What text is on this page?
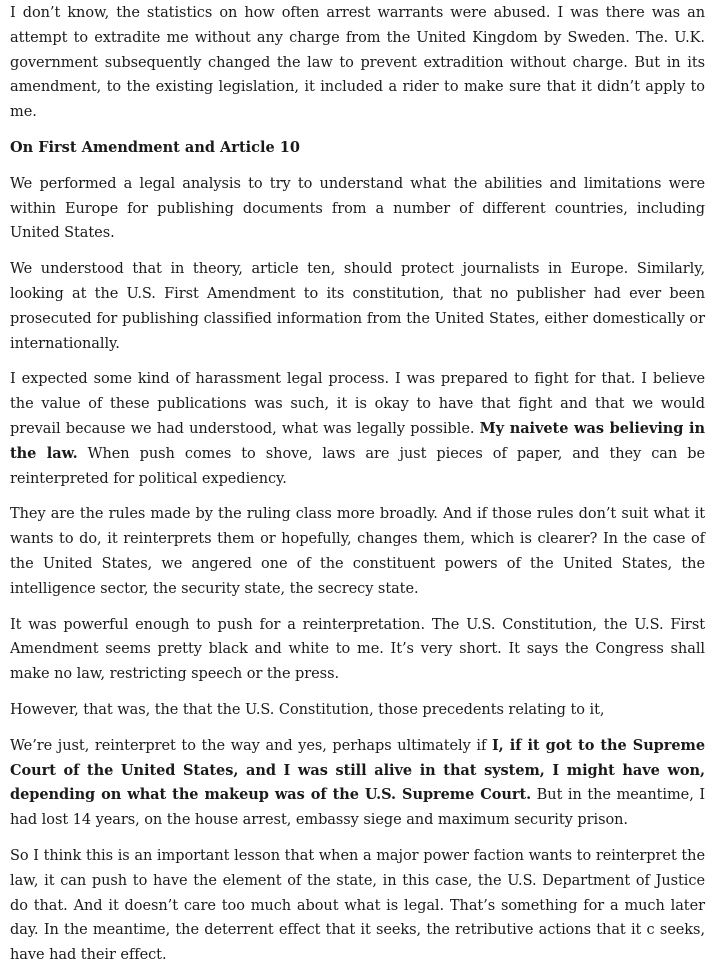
I don’t know, the statistics on how often arrest warrants were abused. I was there was an attempt to extradite me without any charge from the United Kingdom by Sweden. The. U.K. government subsequently changed the law to prevent extradition without charge. But in its amendment, to the existing legislation, it included a rider to make sure that it didn’t apply to me.

On First Amendment and Article 10

We performed a legal analysis to try to understand what the abilities and limitations were within Europe for publishing documents from a number of different countries, including United States.

We understood that in theory, article ten, should protect journalists in Europe. Similarly, looking at the U.S. First Amendment to its constitution, that no publisher had ever been prosecuted for publishing classified information from the United States, either domestically or internationally.

I expected some kind of harassment legal process. I was prepared to fight for that. I believe the value of these publications was such, it is okay to have that fight and that we would prevail because we had understood, what was legally possible. My naivete was believing in the law. When push comes to shove, laws are just pieces of paper, and they can be reinterpreted for political expediency.

They are the rules made by the ruling class more broadly. And if those rules don’t suit what it wants to do, it reinterprets them or hopefully, changes them, which is clearer? In the case of the United States, we angered one of the constituent powers of the United States, the intelligence sector, the security state, the secrecy state.

It was powerful enough to push for a reinterpretation. The U.S. Constitution, the U.S. First Amendment seems pretty black and white to me. It’s very short. It says the Congress shall make no law, restricting speech or the press.

However, that was, the that the U.S. Constitution, those precedents relating to it,

We’re just, reinterpret to the way and yes, perhaps ultimately if I, if it got to the Supreme Court of the United States, and I was still alive in that system, I might have won, depending on what the makeup was of the U.S. Supreme Court. But in the meantime, I had lost 14 years, on the house arrest, embassy siege and maximum security prison.

So I think this is an important lesson that when a major power faction wants to reinterpret the law, it can push to have the element of the state, in this case, the U.S. Department of Justice do that. And it doesn’t care too much about what is legal. That’s something for a much later day. In the meantime, the deterrent effect that it seeks, the retributive actions that it c seeks, have had their effect.
